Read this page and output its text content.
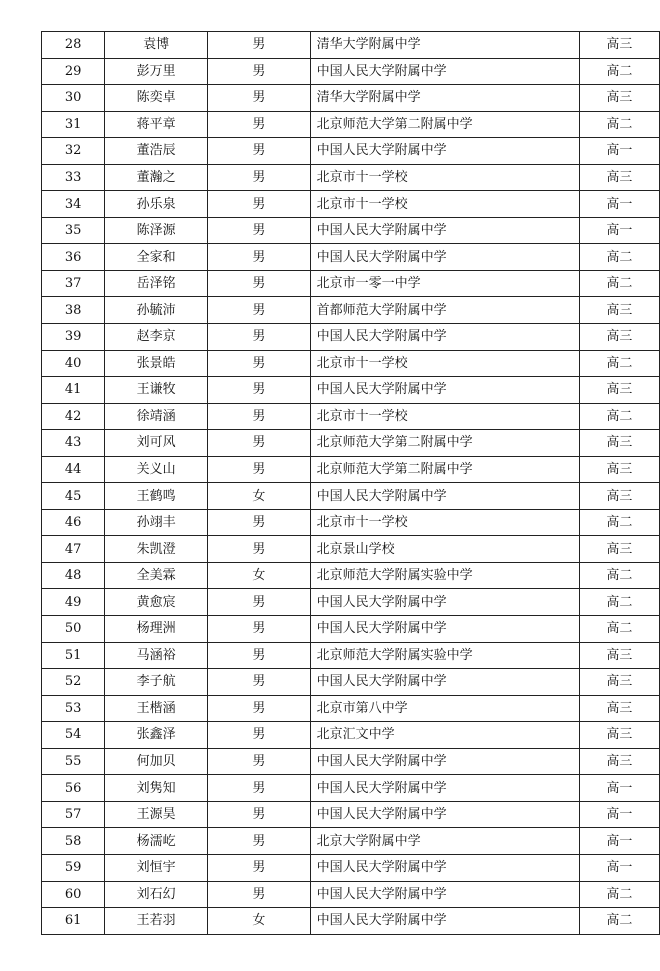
28	袁博	男	清华大学附属中学	高三
29	彭万里	男	中国人民大学附属中学	高二
30	陈奕卓	男	清华大学附属中学	高三
31	蒋平章	男	北京师范大学第二附属中学	高二
32	董浩辰	男	中国人民大学附属中学	高一
33	董瀚之	男	北京市十一学校	高三
34	孙乐泉	男	北京市十一学校	高一
35	陈泽源	男	中国人民大学附属中学	高一
36	全家和	男	中国人民大学附属中学	高二
37	岳泽铭	男	北京市一零一中学	高二
38	孙毓沛	男	首都师范大学附属中学	高三
39	赵李京	男	中国人民大学附属中学	高三
40	张景皓	男	北京市十一学校	高二
41	王谦牧	男	中国人民大学附属中学	高三
42	徐靖涵	男	北京市十一学校	高二
43	刘可风	男	北京师范大学第二附属中学	高三
44	关义山	男	北京师范大学第二附属中学	高三
45	王鹤鸣	女	中国人民大学附属中学	高三
46	孙翊丰	男	北京市十一学校	高二
47	朱凯澄	男	北京景山学校	高三
48	全美霖	女	北京师范大学附属实验中学	高二
49	黄愈宸	男	中国人民大学附属中学	高二
50	杨理洲	男	中国人民大学附属中学	高二
51	马涵裕	男	北京师范大学附属实验中学	高三
52	李子航	男	中国人民大学附属中学	高三
53	王楷涵	男	北京市第八中学	高三
54	张鑫泽	男	北京汇文中学	高三
55	何加贝	男	中国人民大学附属中学	高三
56	刘隽知	男	中国人民大学附属中学	高一
57	王源昊	男	中国人民大学附属中学	高一
58	杨濡屹	男	北京大学附属中学	高一
59	刘恒宇	男	中国人民大学附属中学	高一
60	刘石幻	男	中国人民大学附属中学	高二
61	王若羽	女	中国人民大学附属中学	高二
